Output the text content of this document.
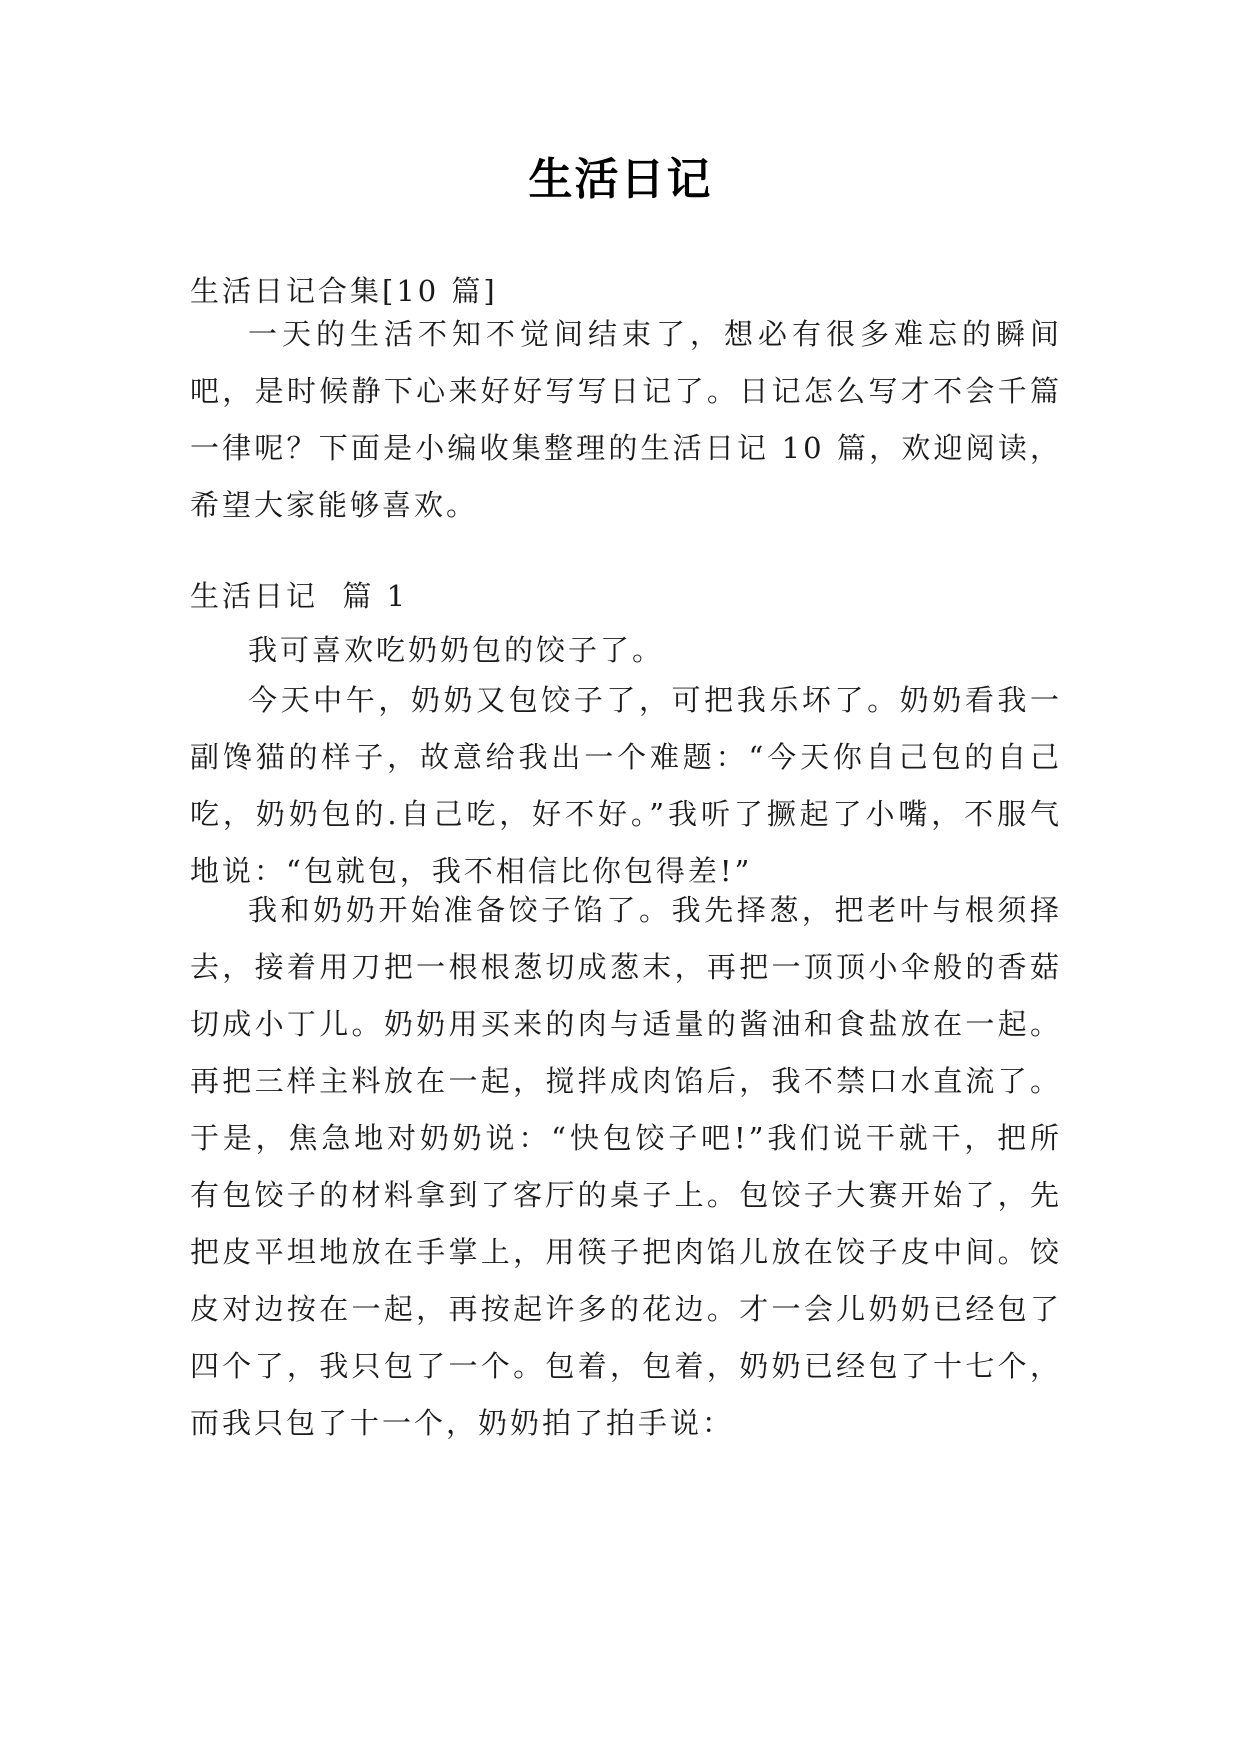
生活日记

生活日记合集[10 篇]

一天的生活不知不觉间结束了，想必有很多难忘的瞬间吧，是时候静下心来好好写写日记了。日记怎么写才不会千篇一律呢？下面是小编收集整理的生活日记 10 篇，欢迎阅读，希望大家能够喜欢。

生活日记  篇 1

我可喜欢吃奶奶包的饺子了。

今天中午，奶奶又包饺子了，可把我乐坏了。奶奶看我一副馋猫的样子，故意给我出一个难题：“今天你自己包的自己吃，奶奶包的.自己吃，好不好。”我听了撅起了小嘴，不服气地说：“包就包，我不相信比你包得差!”

我和奶奶开始准备饺子馅了。我先择葱，把老叶与根须择去，接着用刀把一根根葱切成葱末，再把一顶顶小伞般的香菇切成小丁儿。奶奶用买来的肉与适量的酱油和食盐放在一起。再把三样主料放在一起，搅拌成肉馅后，我不禁口水直流了。于是，焦急地对奶奶说：“快包饺子吧!”我们说干就干，把所有包饺子的材料拿到了客厅的桌子上。包饺子大赛开始了，先把皮平坦地放在手掌上，用筷子把肉馅儿放在饺子皮中间。饺皮对边按在一起，再按起许多的花边。才一会儿奶奶已经包了四个了，我只包了一个。包着，包着，奶奶已经包了十七个，而我只包了十一个，奶奶拍了拍手说：
